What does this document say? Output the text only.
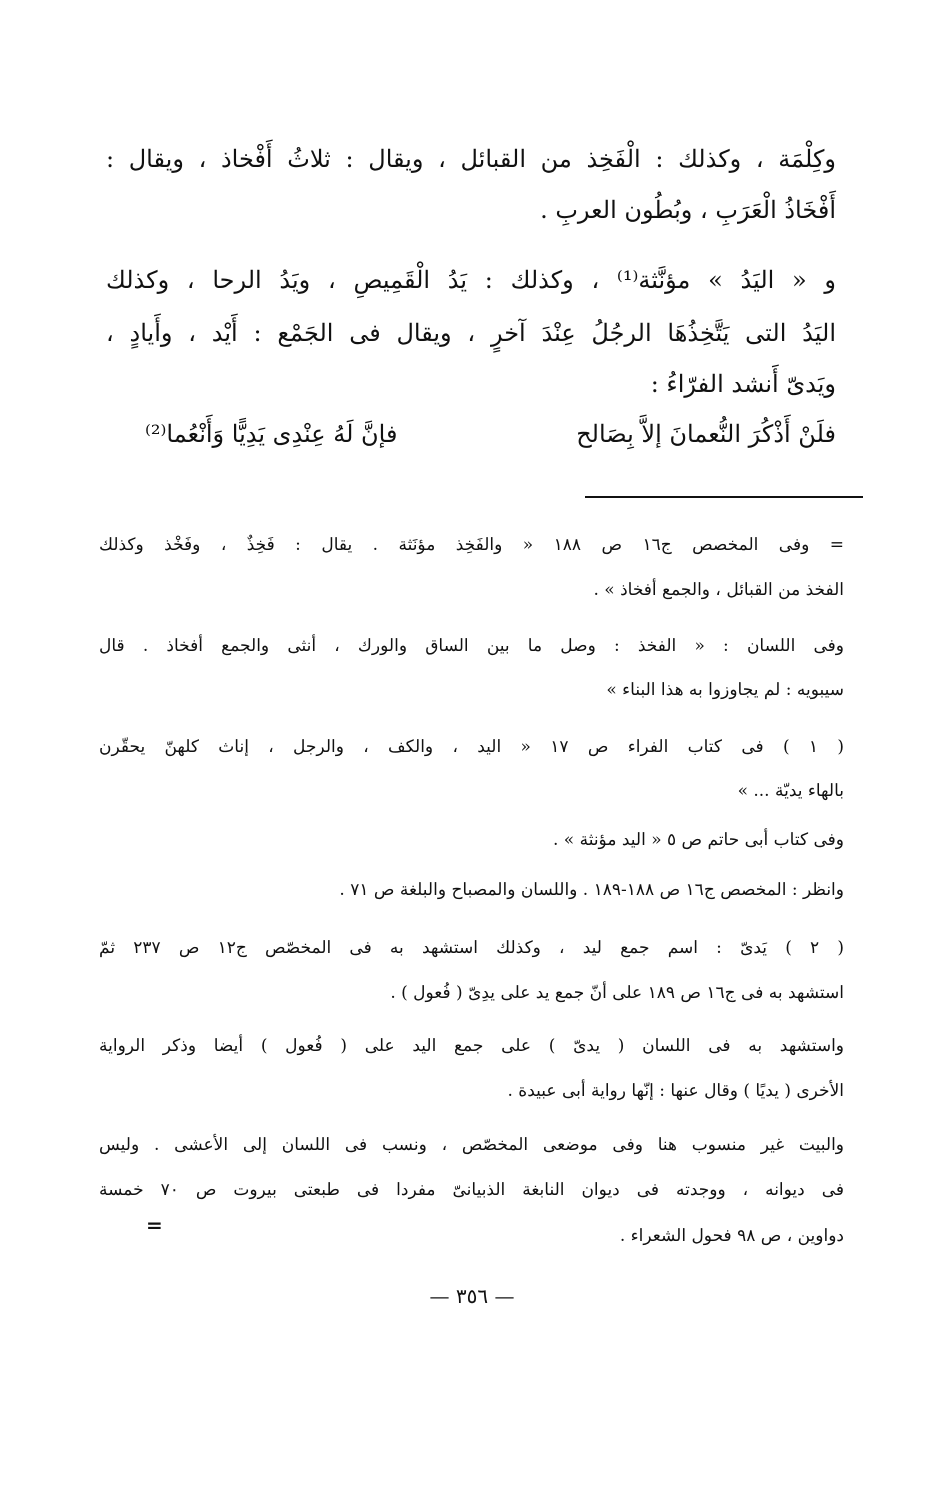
وكِلْمَة ، وكذلك : الْفَخِذ من القبائل ، ويقال : ثلاثُ أَفْخاذ ، ويقال :

أَفْخَاذُ الْعَرَبِ ، وبُطُون العربِ .

و « اليَدُ » مؤنَّثة⁽¹⁾ ، وكذلك : يَدُ الْقَمِيصِ ، ويَدُ الرحا ، وكذلك

اليَدُ التى يَتَّخِذُهَا الرجُلُ عِنْدَ آخرٍ ، ويقال فى الجَمْع : أَيْد ، وأَيادٍ ،

ويَدىّ أَنشد الفرّاءُ :

فلَنْ أَذْكُرَ النُّعمانَ إلاَّ بِصَالح
فإنَّ لَهُ عِنْدِى يَدِيًّا وَأَنْعُما⁽²⁾

= وفى المخصص ج١٦ ص ١٨٨ « والفَخِذ مؤنَثة . يقال : فَخِذٌ ، وفَخْذ وكذلك

الفخذ من القبائل ، والجمع أفخاذ » .

وفى اللسان : « الفخذ : وصل ما بين الساق والورك ، أنثى والجمع أفخاذ . قال

سيبويه : لم يجاوزوا به هذا البناء »

( ١ ) فى كتاب الفراء ص ١٧ « اليد ، والكف ، والرجل ، إناث كلهنّ يحقّرن

بالهاء يديّة ... »

وفى كتاب أبى حاتم ص ٥ « اليد مؤنثة » .

وانظر : المخصص ج١٦ ص ١٨٨-١٨٩ . واللسان والمصباح والبلغة ص ٧١ .

( ٢ ) يَدىّ : اسم جمع ليد ، وكذلك استشهد به فى المخصّص ج١٢ ص ٢٣٧ ثمّ

استشهد به فى ج١٦ ص ١٨٩ على أنّ جمع يد على يدِىّ ( فُعول ) .

واستشهد به فى اللسان ( يدىّ ) على جمع اليد على ( فُعول ) أيضا وذكر الرواية

الأخرى ( يديًا ) وقال عنها : إنّها رواية أبى عبيدة .

والبيت غير منسوب هنا وفى موضعى المخصّص ، ونسب فى اللسان إلى الأعشى . وليس

فى ديوانه ، ووجدته فى ديوان النابغة الذبيانىّ مفردا فى طبعتى بيروت ص ٧٠ خمسة

دواوين ، ص ٩٨ فحول الشعراء .

=
— ٣٥٦ —
